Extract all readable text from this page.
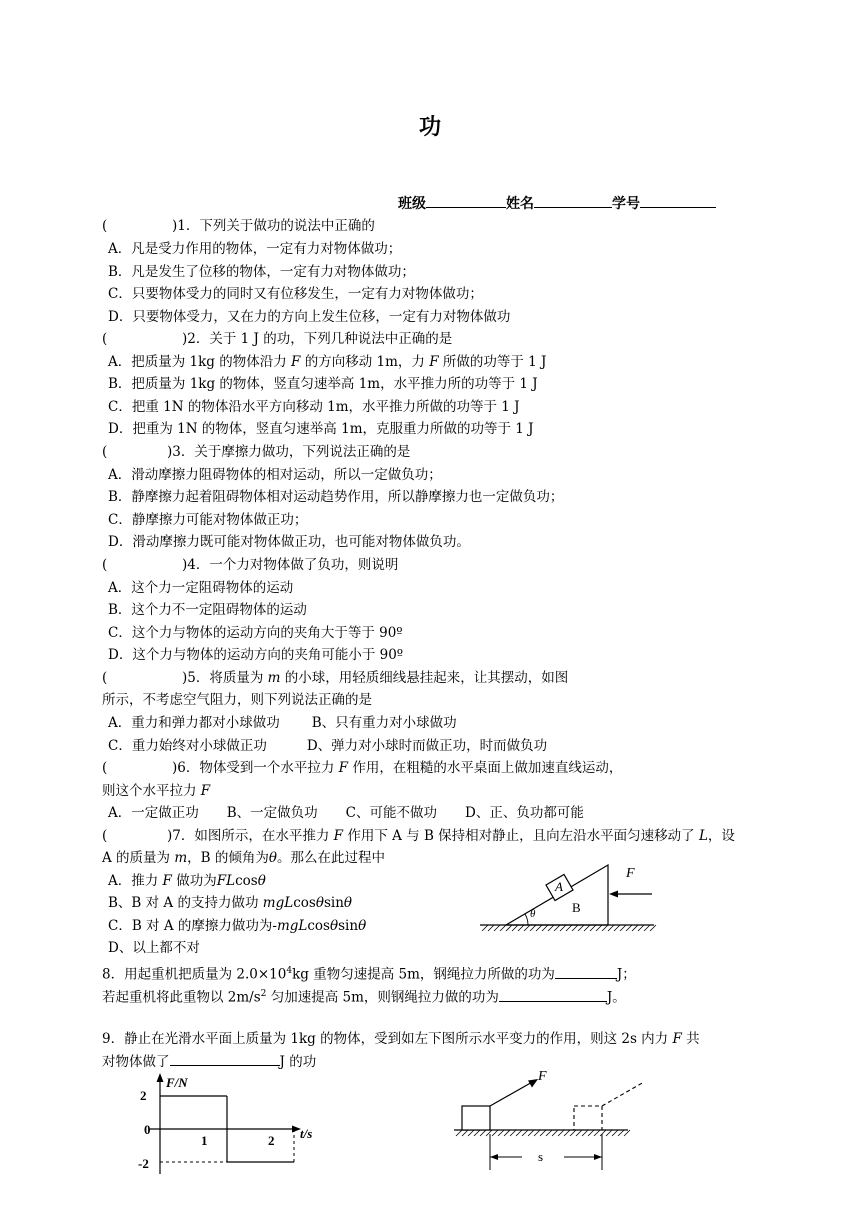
功
班级	姓名	学号
(	)1．下列关于做功的说法中正确的
A．凡是受力作用的物体，一定有力对物体做功；
B．凡是发生了位移的物体，一定有力对物体做功；
C．只要物体受力的同时又有位移发生，一定有力对物体做功；
D．只要物体受力，又在力的方向上发生位移，一定有力对物体做功
(	)2．关于 1 J 的功，下列几种说法中正确的是
A．把质量为 1kg 的物体沿力 F 的方向移动 1m，力 F 所做的功等于 1 J
B．把质量为 1kg 的物体，竖直匀速举高 1m，水平推力所的功等于 1 J
C．把重 1N 的物体沿水平方向移动 1m，水平推力所做的功等于 1 J
D．把重为 1N 的物体，竖直匀速举高 1m，克服重力所做的功等于 1 J
(	)3．关于摩擦力做功，下列说法正确的是
A．滑动摩擦力阻碍物体的相对运动，所以一定做负功；
B．静摩擦力起着阻碍物体相对运动趋势作用，所以静摩擦力也一定做负功；
C．静摩擦力可能对物体做正功；
D．滑动摩擦力既可能对物体做正功，也可能对物体做负功。
(	)4．一个力对物体做了负功，则说明
A．这个力一定阻碍物体的运动
B．这个力不一定阻碍物体的运动
C．这个力与物体的运动方向的夹角大于等于 90º
D．这个力与物体的运动方向的夹角可能小于 90º
(	)5．将质量为 m 的小球，用轻质细线悬挂起来，让其摆动，如图
所示，不考虑空气阻力，则下列说法正确的是
A．重力和弹力都对小球做功 B、只有重力对小球做功
C．重力始终对小球做正功	D、弹力对小球时而做正功，时而做负功
(	)6．物体受到一个水平拉力 F 作用，在粗糙的水平桌面上做加速直线运动，
则这个水平拉力 F
A．一定做正功 B、一定做负功 C、可能不做功 D、正、负功都可能
(	)7．如图所示，在水平推力 F 作用下 A 与 B 保持相对静止，且向左沿水平面匀速移动了 L，设
A 的质量为 m，B 的倾角为θ。那么在此过程中
A．推力 F 做功为FLcosθ
B、B 对 A 的支持力做功 mgLcosθsinθ
C．B 对 A 的摩擦力做功为-mgLcosθsinθ
D、以上都不对
θ
A
B
F
8．用起重机把质量为 $2.0\times 10^4kg$ 重物匀速提高 5m，钢绳拉力所做的功为	J；
若起重机将此重物以 $2m/s^2$ 匀加速提高 5m，则钢绳拉力做的功为	J。
9．静止在光滑水平面上质量为 1kg 的物体，受到如左下图所示水平变力的作用，则这 2s 内力 F 共
对物体做了	J 的功
F/N
t/s
2
0
-2
1	2
F
s
